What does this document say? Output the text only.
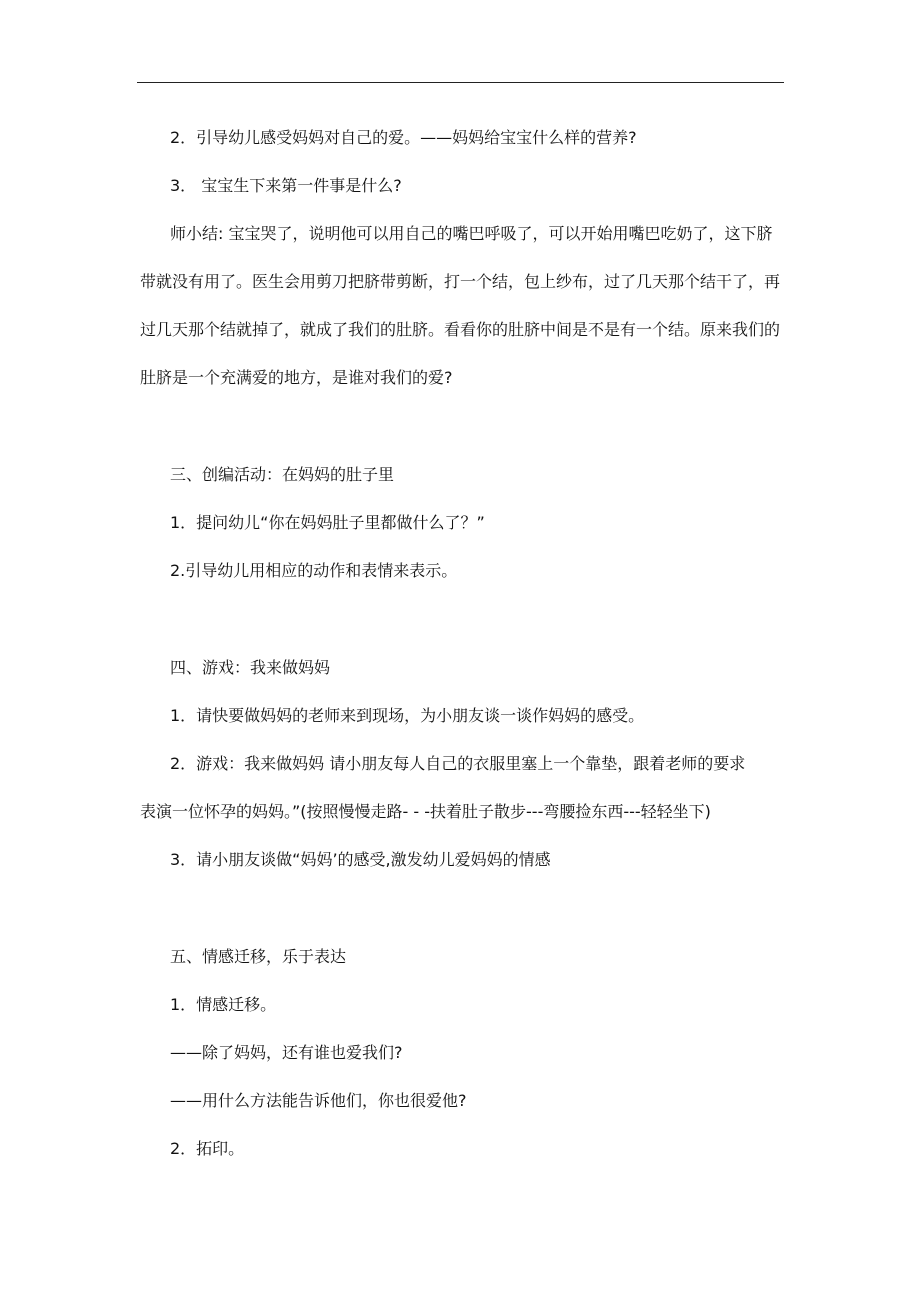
2．引导幼儿感受妈妈对自己的爱。——妈妈给宝宝什么样的营养?
3． 宝宝生下来第一件事是什么?
师小结: 宝宝哭了，说明他可以用自己的嘴巴呼吸了，可以开始用嘴巴吃奶了，这下脐
带就没有用了。医生会用剪刀把脐带剪断，打一个结，包上纱布，过了几天那个结干了，再
过几天那个结就掉了，就成了我们的肚脐。看看你的肚脐中间是不是有一个结。原来我们的
肚脐是一个充满爱的地方，是谁对我们的爱?
三、创编活动：在妈妈的肚子里
1．提问幼儿“你在妈妈肚子里都做什么了？”
2.引导幼儿用相应的动作和表情来表示。
四、游戏：我来做妈妈
1．请快要做妈妈的老师来到现场，为小朋友谈一谈作妈妈的感受。
2．游戏：我来做妈妈 请小朋友每人自己的衣服里塞上一个靠垫，跟着老师的要求
表演一位怀孕的妈妈。”(按照慢慢走路- - -扶着肚子散步---弯腰捡东西---轻轻坐下)
3．请小朋友谈做“妈妈’的感受,激发幼儿爱妈妈的情感
五、情感迁移，乐于表达
1．情感迁移。
——除了妈妈，还有谁也爱我们?
——用什么方法能告诉他们，你也很爱他?
2．拓印。
